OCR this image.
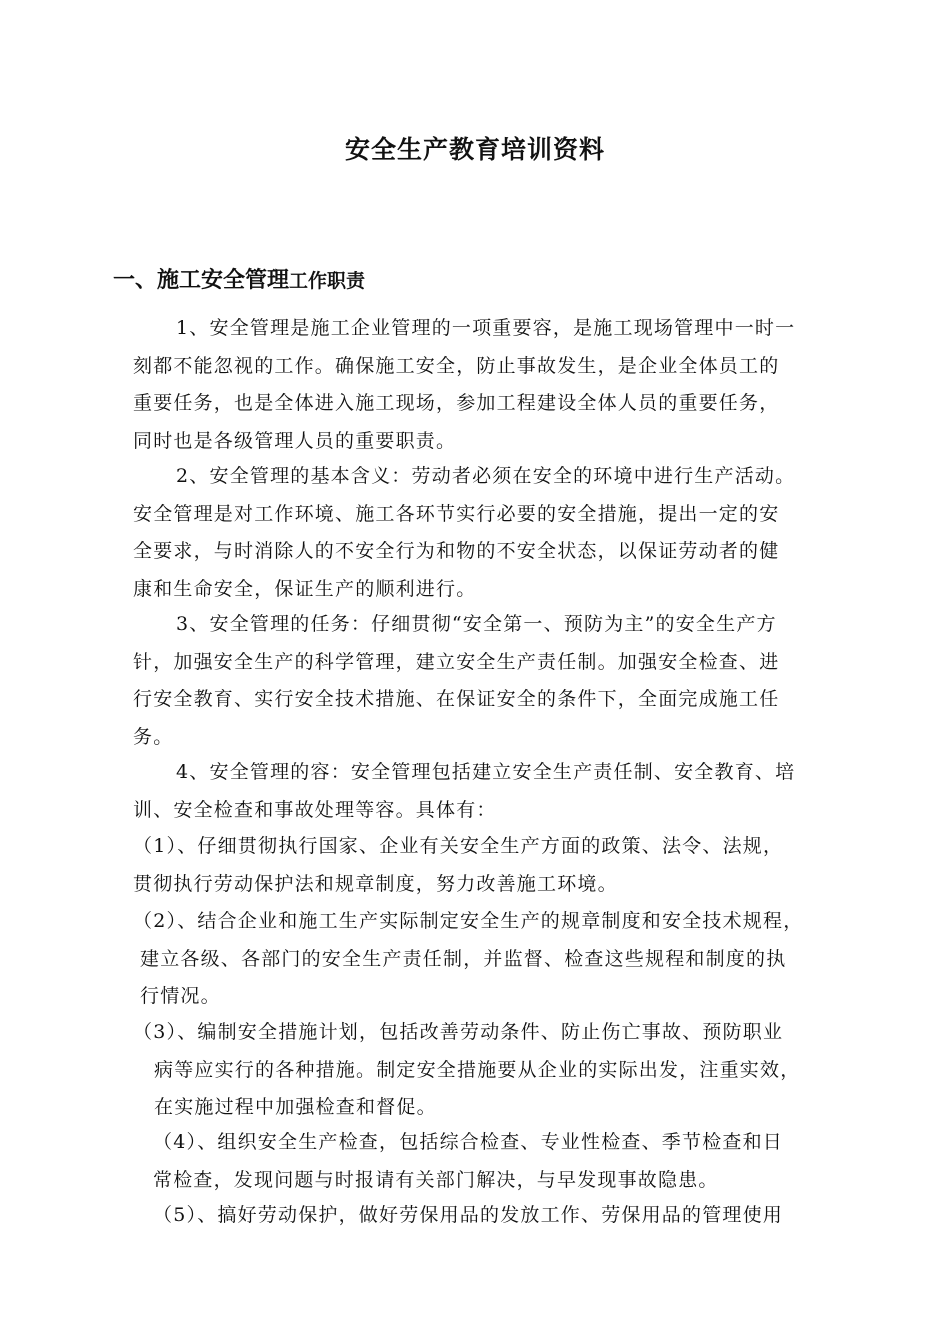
安全生产教育培训资料
一、施工安全管理工作职责
1、安全管理是施工企业管理的一项重要容，是施工现场管理中一时一
刻都不能忽视的工作。确保施工安全，防止事故发生，是企业全体员工的
重要任务，也是全体进入施工现场，参加工程建设全体人员的重要任务，
同时也是各级管理人员的重要职责。
2、安全管理的基本含义：劳动者必须在安全的环境中进行生产活动。
安全管理是对工作环境、施工各环节实行必要的安全措施，提出一定的安
全要求，与时消除人的不安全行为和物的不安全状态，以保证劳动者的健
康和生命安全，保证生产的顺利进行。
3、安全管理的任务：仔细贯彻“安全第一、预防为主”的安全生产方
针，加强安全生产的科学管理，建立安全生产责任制。加强安全检查、进
行安全教育、实行安全技术措施、在保证安全的条件下，全面完成施工任
务。
4、安全管理的容：安全管理包括建立安全生产责任制、安全教育、培
训、安全检查和事故处理等容。具体有：
（1）、仔细贯彻执行国家、企业有关安全生产方面的政策、法令、法规，
贯彻执行劳动保护法和规章制度，努力改善施工环境。
（2）、结合企业和施工生产实际制定安全生产的规章制度和安全技术规程，
建立各级、各部门的安全生产责任制，并监督、检查这些规程和制度的执
行情况。
（3）、编制安全措施计划，包括改善劳动条件、防止伤亡事故、预防职业
病等应实行的各种措施。制定安全措施要从企业的实际出发，注重实效，
在实施过程中加强检查和督促。
（4）、组织安全生产检查，包括综合检查、专业性检查、季节检查和日
常检查，发现问题与时报请有关部门解决，与早发现事故隐患。
（5）、搞好劳动保护，做好劳保用品的发放工作、劳保用品的管理使用
